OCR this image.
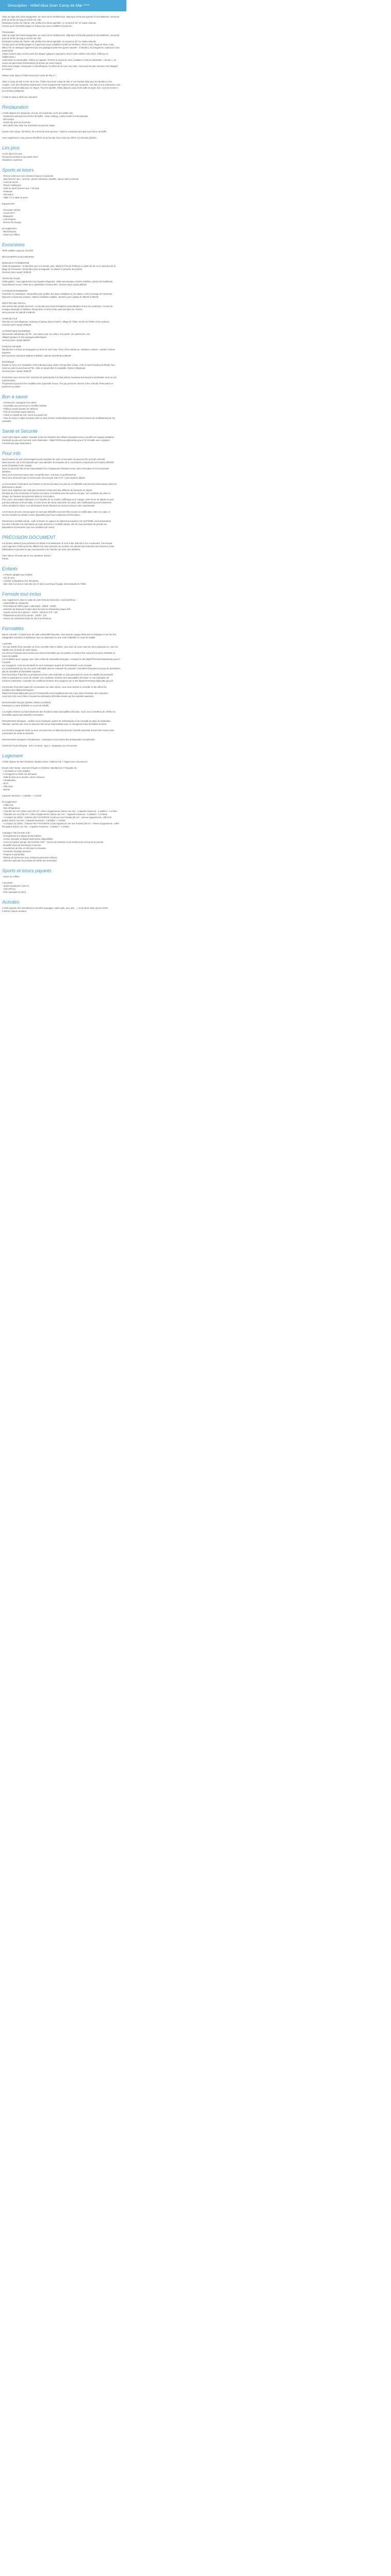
Description - Hôtel Alua Gran Camp de Mar ****

Situé au large des côtes espagnoles, au coeur de la méditerranée, Majorque est la plus grande île des Baléares, mesurant

près de 80 km de long et 110 km de côté.

Destination prisée de charme, elle profite d'un climat agréable, en moyenne 25° en saison estivale.

Connue pour ses belles plages et criques aux eaux cristallines (Cales de...

Présentation

Situé au large des côtes espagnoles, au coeur de la méditerranée, Majorque est la plus grande île des Baléares, mesurant

près de 80 km de long et 110 km de côté.

Destination prisée de charme, elle profite d'un climat agréable, en moyenne 25° en saison estivale.

Connue pour ses belles plages et criques aux eaux cristallines (Cales de Mallorca, Porto Cristo, Playa de Muro, Cala

Millor) l'île se distingue également par ses paysages préservés (parcs naturels : S'Albufera, Sa Dragonera, Cabrera) et son

authenticité.

Visitez l'arrière-pays et découvrez les villages typiques majorquins, dont le plus célèbre reste Deià, Pollença ou

Valldemossa !

Aussi visite incontournable, Palma, la capitale ! Promez le temps de vous y balader et visit sa cathédrale « Sa Seu » un

oeuvre la plus Passé d'étonnantes (et ancien du coeur maure).

Entre bars à tapas, restaurants et discothèques, les têtes de ses jour ses nuits, c'est aussi les plus animées sont Magaluf

et l'Arenal !

Passer votre séjour à l'hôtel Alua Gran Camp de Mar 4* !

Situé à Camp de Mar à 8 km de la mer, l'Hôtel Alua Gran Camp de Mar 4* est l'endroit idéal pour les familles ou les

couples. Avec des chambres spacieuses et des équipements modernes tels que la piscine, son spa ou son restaurant, vous

trouverez l'endroit idéal pour se relaxer. Pour les sportifs, l'hôtel dispose aussi d'une salle de sport, d'un court de tennis et

d'un terrain multisports.

L'hôtel se situe à 30 km de l'aéroport.

Restauration

L'hôtel dispose d'1 restaurant, d'1 bar, d'1 snack-bar, et d'1 bar adults only :

- Restaurant principal sous forme de buffet : show cooking, cuisine locale et internationale.

- Bar lounge

- Snack-bar près de la piscine

- Bar Adults Only situé sur la terrasse du premier étage.

Durant votre séjour, bénéficiez de la formule demi-pension + dans le restaurant principal sous forme de buffet.

Avec supplément, vous pourrez bénéficier de la formule Tout inclus (se référer à la formule dédiée).

Les plus

Accès direct à la mer

Personnel souriant et aux petits soins

Chambres modernes

Sports et loisirs

- Piscine extérieure avec chaises longues et parasols.

- Spa (réservé aux + 16 ans) : piscine intérieure chauffée, sauna, bain à remous

- Court de tennis

- Terrain multisports

- Salle de sport (réservé aux + 18 ans).

- Pétanque

- Fléchettes

- Table TV et table de pose

Equipements

- Réception 24h/24.

- Accès Wi-Fi.

- Bagagerie.

- Conciergerie.

- Bureau de change.

En supplément :

- Blanchisserie.

- Salon de coiffure.

Excursions

Tarifs valables jusqu'au 31/10/24

DÉCOUVERTE & EXCURSIONS

MARCHÉ ET FORMENTOR

Visite de population : temps libre pour vos achats, puis, départ le Port de Pollença, à visiter de 30 mn en direction de la

plage de Formentor. Temps libre pour la baignade, se relaxer et prendre des photos.

Journée (sans repas) 103EUR

VISITE DE PALMA

Visite guidée : vous apprécierez aux façades élégantes, visite panoramique, arrivée à Bellver, piscine fort traditional,

naturellement la mer. Visite de la cathédrale et temps libre. Journée (sans repas) 55EUR

CATAMARAN ROBINSON

Travérsée en catamaran. Temps libre pour profiter des eaux cristallines ou se relaxer. Arrêt à la plage de Formentor.

Déjeuner et boissons incluses. Salons cristallines visibles. Journée (avec repas) de 79EUR à 84EUR

GROTTES DEL DRACH

Découverte des grottes du Drach, reconnues pour leurs formations extraordinaires et leur lac souterrain. Concert de

musique classique à l'intérieur. Temps libre à Porto Cristo, petit port plein de charme.

Demi-journée de 45EUR à 60EUR

TOUR DE L'ÎLE

Parcours en train Majorque, tramway et bateau (selon météo). Village de Sóller, terreté de Palmir et fut Cardona.

Journée (sans repas) 105EUR

AUTHENTIQUE MAJORQUE

Découverte authentique de l'île : son milieu rural, sa culture, son passé, son patrimoine, ses

villages typiques et ses paysages pittoresques.

Journée (avec repas) 85EUR

RANCHO GRANDE

Randonnée à cheval accompagnée au bord du ranch (Sur Veré). Dîner barbecue, ambiance western, cavalier et show

équestre.

Demi-journée (cheval de 95EUR à 96EUR, calèche de 87EUR à 90EUR

MAJORQUE

Départ en ferry vers Ciutadella. Arrêt à Binibeca puis visite et temps libre à Mao. Arrêt à Cala Fornells puis Monte Toro,

mont sur point le plus haut de l'île. Visite et temps libre à Ciutadella. Retour à Majorque.

Journée (avec repas) 199EUR

Excursions sous réserve d'un minimum de participants à la date prévue (ramassa-servant par le prestataire local ou son

représentant).

Programmes pouvant être modifiés selon impératifs locaux. Prix par personne donnés à titre indicatif. Réservation et

paiement sur place.

Bon à savoir

- Animaux de compagnie non admis.

- Accessible aux personnes à mobilité réduites.

- Parking couvert payant (10 UR/jour).

- Prêt de serviettes toutes saisons.

- Check-in à partir de 14h, check-out avant 12h.

- Taxe de séjour à régler sur place (dès 16 ans) environ 3,30EUR/personne/nuit (sous réserve de modifications par les

autorités).

Santé et Sécurité

Avant votre départ, veuillez consulter le site du ministère des Affaires étrangères pour connaître les risques sanitaires

éventuels qui peuvent survenir votre destination : https//XXXX.www.diplomatie.gouv.fr (Il s'installe avec voyageur,

Conseils par pays destination).

Pour info

Tous horaires de vols communiqués avant réception de votre convocation ne peuvent être qu'à titre indicatif.

Dans tous les cas, il est impératif que vous attendiez la réception de la convocation comprenant les horaires définitifs

avant d'organiser votre voyage.

Nous ne pourrons être tenus responsables d'un changement d'horaires entre votre réservation et la convocation

définitive.

Nous vous remercions pour votre compréhension. Voir avec un professionnel.

Nous vous informons que la convocation est envoyée entre 3 et 7 jours avant le départ.

La convocation à l'aéroport, les horaires en heures locales et le plan du vol définitifs vous seront communiqués dans les

délai avant le départ.

Nous vous rappelons que l'aéroport d'arrivée à Paris peut être différent de l'aéroport de départ.

Pendant les vols commande et l'arrivée sur place, le transfert peut être pris en compte ; les conditions de prise en

charge, les horaires sont précisés dans la convocation.

Pour votre convocation l'aéroport ou la manière de s'y rendre, l'affichage ou le voyage, votre heure de départ ne peut

pas être antérieur à 6h du matin, et votre heure de retour avant 20h. En outre, des modifications peuvent intervenir

même pendant le séjour. Les informations seront données au niveau local par notre représentant.

Les horaires de vols communiqués ne sont pas définitifs et peuvent être soumis à modification. Dans ce cadre, le

service clientèle se tiendra à votre disposition pour tout complément d'information.

Personnes à mobilité réduite : suite à l'entrée en vigueur du règlement européen CE 1107/2006, nous demandons

d'en être informés à la réservation de toute personne à mobilité réduite, afin de nous permettre de prendre les

dispositions nécessaires (voir nos conditions de vente).

PRÉCISION DOCUMENT

Les photos utilisées pour présenter les hôtels et la destination le sont à titre indicatif et non contractuel. Concernant

votre logement, l'hôtel peut être différent de celui présenté sur la photo, les photos des chambres sont données à titre

d'illustration et peuvent ne pas correspondre à la chambre qui vous sera attribuée.

Votre séjour est avant par le tour opérateur suivant :

FRAM

Enfants

- 1 Piscine adaptée aux enfants

- Aire de jeux

- Lit bébé à disposition (sur demande).

- Mini-club 4-12 ans et club ado (13-17 ans) ouverts par l'équipe internationale de l'hôtel.

Formule tout inclus

Avec supplément, dans le cadre de votre formule tout inclus, vous bénéficiez :

- repas buffet au restaurant.

- Petit déjeuner buffet (style continental) : 10h00 - 12h00.

- Sélection de boissons locales dans les bars et restaurants jusqu'à 00h.

- Snacks au bar de la piscine : 12h30 - 15h30 et 17h - 18h

- Pâtisseries au bar de la piscine : 15h30 - 17h

- Service de sandwichs froids de 22h à la fermeture.

Formalités

Bonne nouvelle : Compte tenu de notre nationalité française, vous pouvez voyager librement en Espagne et sur les îles

espagnoles (Canaries et Baléares), avec un passeport ou une carte d'identité en cours de validité.

A NOTER

- En cas d'arrêt d'une nouvelle ou d'une nouvelle carte à utiliser, vous avez de vous munir de votre passeport en cours de

validité pour la durée de votre séjour.

Les mineurs français sont soumis aux mêmes formalités que les adultes et doivent être munis d'une pièce d'identité en

cours de validité.

Les modalités pour voyager avec votre enfant de nationalité étrangère, consulter le site https//XXXXwww.diplomatie.gouv.fr/ Conseils

aux voyageurs. Il est recommandé de vous renseigner auprès de l'ambassade ou du consulat.

Les ressortissants qui ont une autre nationalité doivent contacter les autorités consulaires françaises du pays de destination

afin de connaître les formalités requises.

Pour tout séjour il faut être en possession d'une carte d'identité ou d'un passeport en cours de validité (recommandé :

CNI) ou passeport en cours de validité. Les conditions d'entrée sont susceptibles d'évoluer en cas d'adoption de

mesures restrictives. Consulter les conditions d'entrée des voyageurs sur le site https//XXXXwww.diplomatie.gouv.fr/

Concernant l'éventuel impact du Coronavirus sur votre séjour, nous vous invitons à consulter le site officiel du

ministère des Affaires Étrangères :

https//XXXXwww.diplomatie.gouv.fr (il rassemble et est régulièrement mis à jour selon l'évolution de la situation :

covid-19) et de vous référer à toutes les indications officielles émises par les autorités sanitaires.

Ressortissants français (adultes, bébés et enfants) :

Passeport ou carte d'identité en cours de validité.

Les règles relatives au franchissement des frontières étant susceptibles d'évoluer, nous vous conseillons de vérifier les

formalités auprès des autorités consulaires.

Ressortissants étrangers : veuillez vous renseigner auprès de l'ambassade ou du consulat du pays de destination.

Attention, sachez que nous ne pouvons être tenus responsables pour un changement des formalités d'entrée.

Les mineurs voyageant seuls ou avec une personne ne disposant pas de l'autorité parentale doivent être munis d'une

autorisation de sortie du territoire.

Ressortissants étrangers et binationaux : renseignez-vous auprès des ambassades compétentes.

COURANT ÉLECTRIQUE : 220 V et 50Hz. Type F. Adaptateur non nécessaire.

Logement

L'hôtel dispose de 606 chambres réparties dans 1 bâtiment de 7 étages avec ascenseurs.

Durant votre séjour, vous serez logés en chambre standard (2) et l'équipée de :

- 1 lit double ou 2 lits simples.

- Lit d'appoint ou bébé sur demande.

- Salle de bain avec douche, sèche-cheveux.

- Climatisation.

- Wi-Fi.

- Télévision.

- Balcon.

Capacité maximum : 2 adultes + 1 enfant.

En supplément :

- Coffre-fort.

- Mini-réfrigérateur.

- Chambre sur mer (selon vue) (35 m²) : même équipements, balcon vue mer ; Capacité maximum : 2 adultes + 1 enfant.

- Chambre vue mer (35 m²) : même équipements, balcon vue mer ; Capacité maximum : 2 adultes + 2 enfants.

- A compter du 1/5/25 : chambre MY FAVOURITE CLUB vue mer frontale (35 m²) : mêmes équipements, coffre-fort

gratuit, balcon vue mer ; Capacité maximum : 2 adultes + 1 enfant.

- A compter du 1/5/25 : chambre MY FAVOURITE CLUB Supérieure vue mer frontale (35 m²) : mêmes équipements, coffre-

fort gratuit, balcon vue mer ; Capacité maximum : 2 adultes + 1 enfant.

Avantages "My Favorite club" :

- Enregistrement et départ personnalisés.

- Arrivée anticipée et départ tardif (selon disponibilité).

- Accès à l'espace lounge "My Favorite Club" : service de boissons et de snacks tout au long de la journée.

- Bouteille d'eau de bienvenue à l'arrivée.

- Assortiment de thés et café dans la chambre.

- Serviettes de plage premium.

- Peignoir et pantoufles.

- Minibar de bienvenue (eau, boissons gazeuses et bière).

- Sélection spéciale de produits de toilette (sur demande).

Sports et loisirs payants

- Salon de coiffure.

A proximité :

- Sports aquatiques (100 m).

- Golf (700 m).

- Parc aquatique (14 km).

Activités

L'hôtel propose des animations et journées (aquagym, water-polo, jeux quiz, ...) et du sport, ainsi qu'une soirée

à thème chaque semaine.
